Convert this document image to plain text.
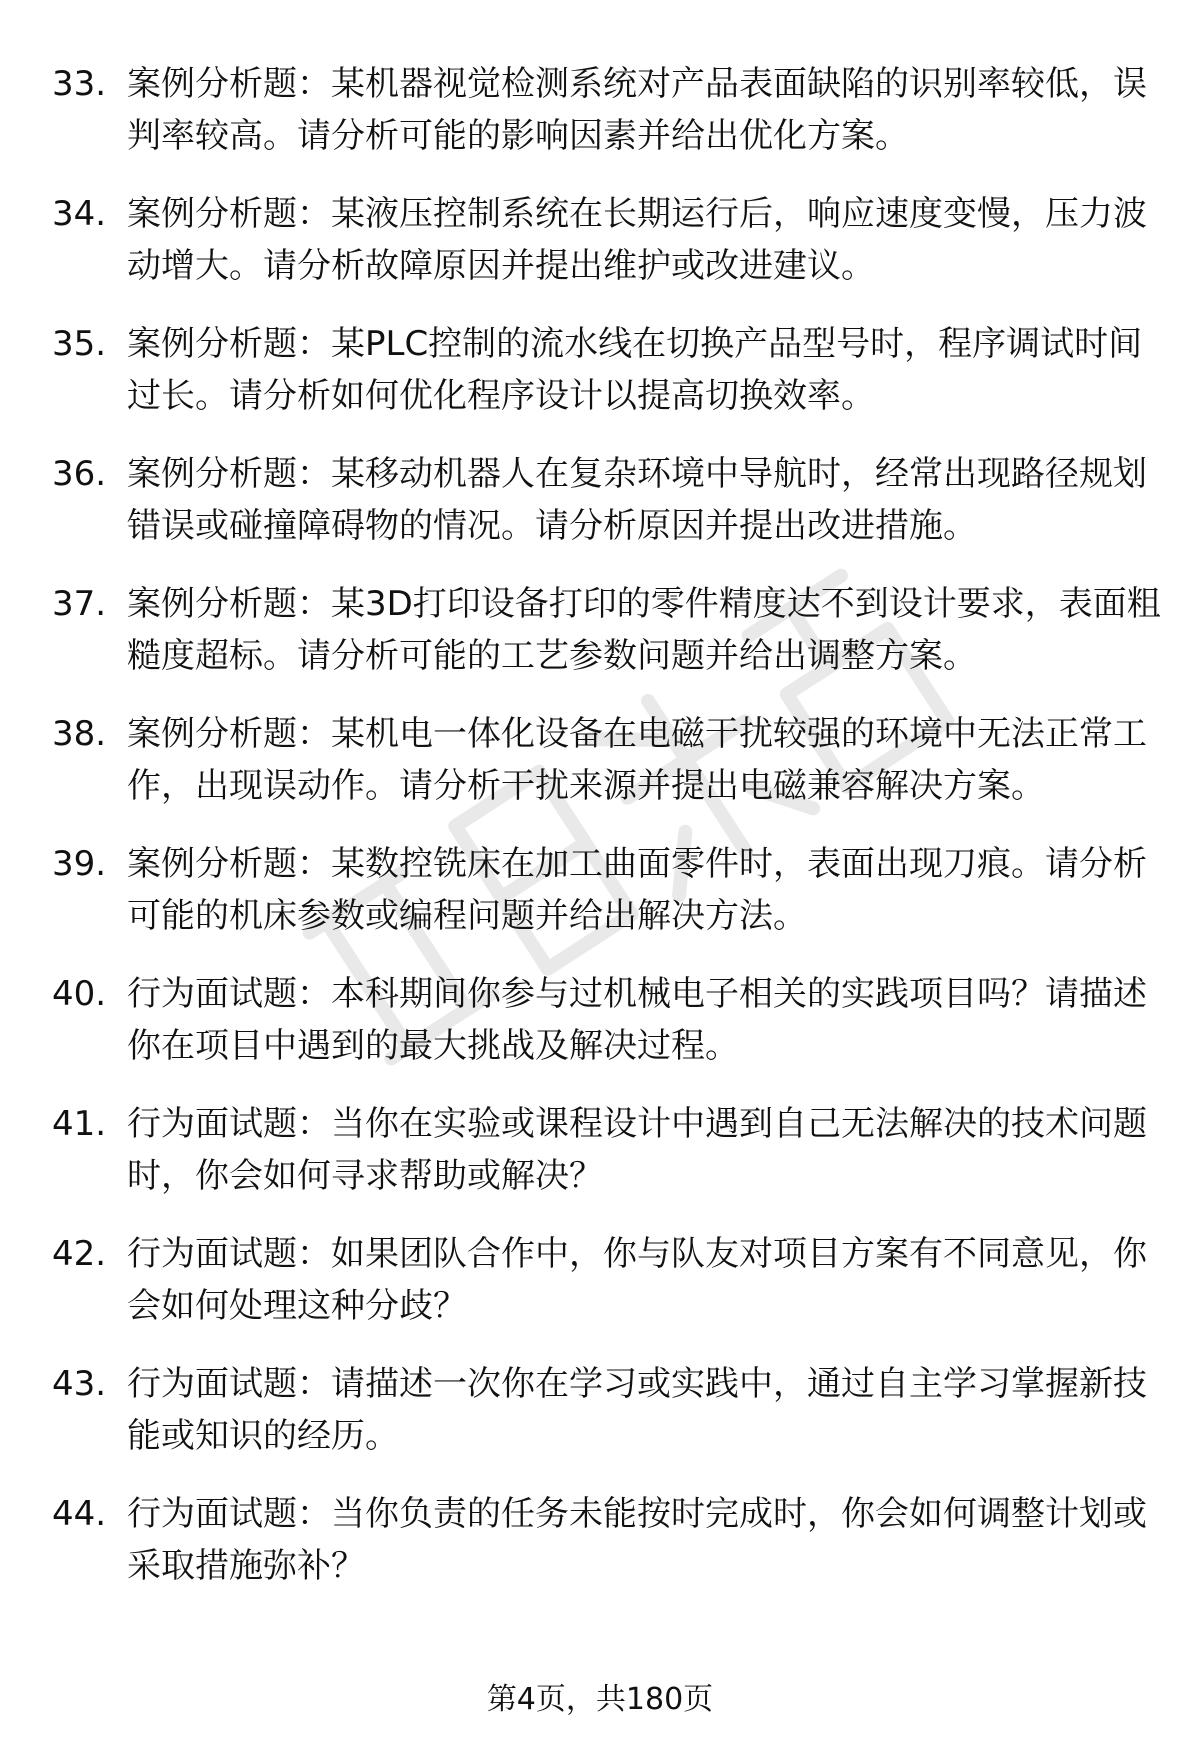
33. 案例分析题：某机器视觉检测系统对产品表面缺陷的识别率较低，误判率较高。请分析可能的影响因素并给出优化方案。
34. 案例分析题：某液压控制系统在长期运行后，响应速度变慢，压力波动增大。请分析故障原因并提出维护或改进建议。
35. 案例分析题：某PLC控制的流水线在切换产品型号时，程序调试时间过长。请分析如何优化程序设计以提高切换效率。
36. 案例分析题：某移动机器人在复杂环境中导航时，经常出现路径规划错误或碰撞障碍物的情况。请分析原因并提出改进措施。
37. 案例分析题：某3D打印设备打印的零件精度达不到设计要求，表面粗糙度超标。请分析可能的工艺参数问题并给出调整方案。
38. 案例分析题：某机电一体化设备在电磁干扰较强的环境中无法正常工作，出现误动作。请分析干扰来源并提出电磁兼容解决方案。
39. 案例分析题：某数控铣床在加工曲面零件时，表面出现刀痕。请分析可能的机床参数或编程问题并给出解决方法。
40. 行为面试题：本科期间你参与过机械电子相关的实践项目吗？请描述你在项目中遇到的最大挑战及解决过程。
41. 行为面试题：当你在实验或课程设计中遇到自己无法解决的技术问题时，你会如何寻求帮助或解决？
42. 行为面试题：如果团队合作中，你与队友对项目方案有不同意见，你会如何处理这种分歧？
43. 行为面试题：请描述一次你在学习或实践中，通过自主学习掌握新技能或知识的经历。
44. 行为面试题：当你负责的任务未能按时完成时，你会如何调整计划或采取措施弥补？
第4页，共180页
